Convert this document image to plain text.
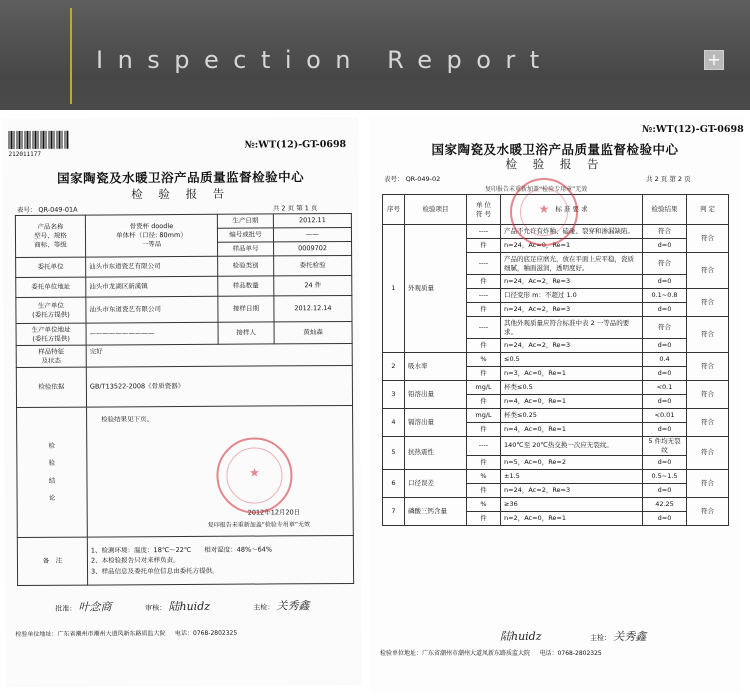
Inspection Report	+
212011177
№:WT(12)-GT-0698
国家陶瓷及水暖卫浴产品质量监督检验中心
检 验 报 告
表号： QR-049-01A	共 2 页 第 1 页
产品名称
型号、规格
商标、等级	骨瓷杯 doodle
单体杯（口径: 80mm）
一等品	生产日期	2012.11
		编号或批号	——
		样品单号	0009702
委托单位	汕头市东道瓷艺有限公司	检验类别	委托检验
委托单位地址	汕头市龙湖区新溪镇	样品数量	24 件
生产单位
(委托方提供)	汕头市东道瓷艺有限公司	接样日期	2012.12.14
生产单位地址
(委托方提供)	——————————	接样人	黄灿森
样品特征
及状态	完好		
检验依据	GB/T13522-2008《骨质瓷器》		
检

验

结

论	检验结果见下页。
2012年12月20日
复印报告未重新加盖“检验专用章”无效		

备　注	1、检测环境：温度：18℃～22℃　　相对湿度：48%～64%
2、本检验报告只对来样负责。
3、样品信息及委托单位信息由委托方提供。		
★
批准： 叶念商	审核： 陆huidz	主检： 关秀鑫
检验单位地址：广东省潮州市潮州大道凤新东路质监大院 电话：0768-2802325
№:WT(12)-GT-0698
国家陶瓷及水暖卫浴产品质量监督检验中心
检 验 报 告
表号： QR-049-02	共 2 页 第 2 页
复印报告未重新加盖“检验专用章”无效
序号	检验项目	单 位
符 号	标 准 要 求	检验结果	判 定
1	外观质量	----	产品不允许有炸釉、磕碰、裂穿和渗漏缺陷。	符合	符合
		件	n=24，Ac=0，Re=1	d=0	
		----	产品的底足应磨光，放在平面上应平稳，瓷质细腻，釉面滋润，透明度好。	符合	符合
		件	n=24，Ac=2，Re=3	d=0	
		----	口径变形 m：不超过 1.0	0.1~0.8	符合
		件	n=24，Ac=2，Re=3	d=0	
		----	其他外观质量应符合标准中表 2 一等品的要求。	符合	符合
		件	n=24，Ac=2，Re=3	d=0	
2	吸水率	%	≤0.5	0.4	符合
		件	n=3，Ac=0，Re=1	d=0	
3	铅溶出量	mg/L	杯类≤0.5	<0.1	符合
		件	n=4，Ac=0，Re=1	d=0	
4	镉溶出量	mg/L	杯类≤0.25	<0.01	符合
		件	n=4，Ac=0，Re=1	d=0	
5	抗热震性	----	140℃至 20℃热交换一次应无裂纹。	5 件均无裂纹	符合
		件	n=5，Ac=0，Re=2	d=0	
6	口径误差	%	±1.5	0.5~1.5	符合
		件	n=24，Ac=2，Re=3	d=0	
7	磷酸三钙含量	%	≥36	42.25	符合
		件	n=2，Ac=0，Re=1	d=0	
★
陆huidz	主检： 关秀鑫
检验单位地址：广东省潮州市潮州大道凤新东路质监大院 电话：0768-2802325
